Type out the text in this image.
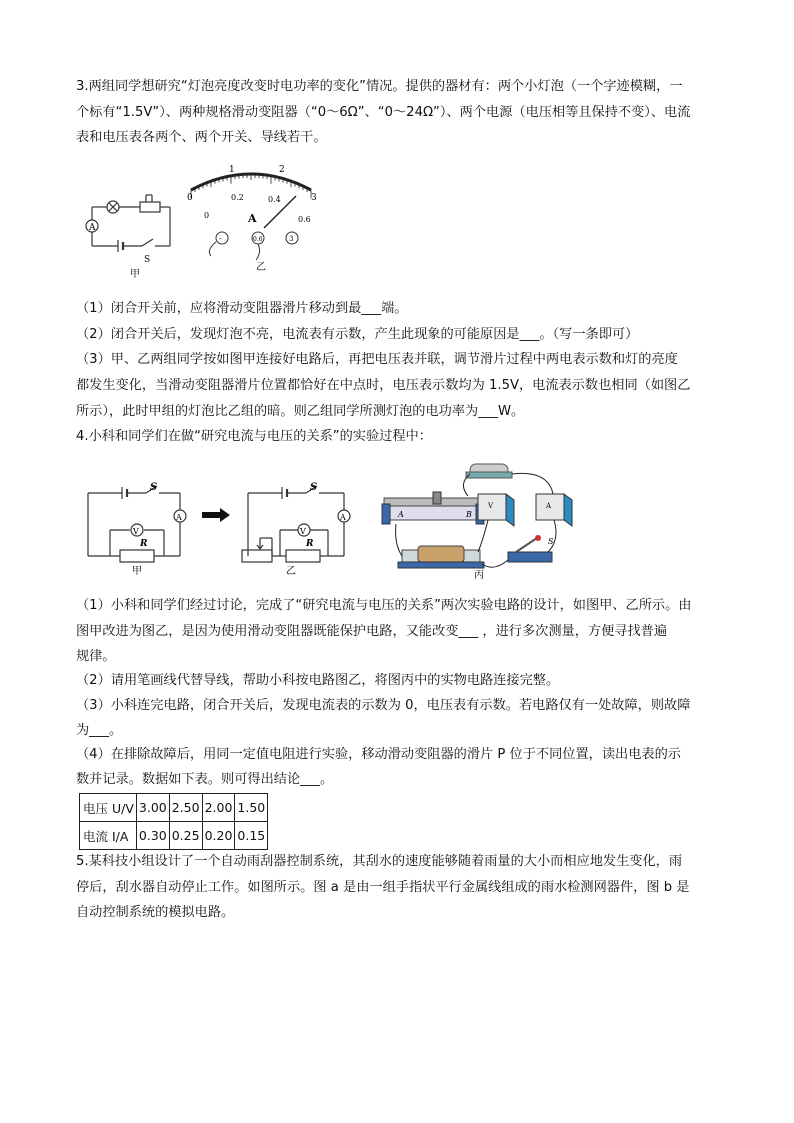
3.两组同学想研究“灯泡亮度改变时电功率的变化”情况。提供的器材有：两个小灯泡（一个字迹模糊，一
个标有“1.5V”）、两种规格滑动变阻器（“0～6Ω”、“0～24Ω”）、两个电源（电压相等且保持不变）、电流
表和电压表各两个、两个开关、导线若干。
A
S
甲
0
1	2
3
0
0.2	0.4
0.6
A
-	0.6	3
乙
（1）闭合开关前，应将滑动变阻器滑片移动到最___端。
（2）闭合开关后，发现灯泡不亮，电流表有示数，产生此现象的可能原因是___。（写一条即可）
（3）甲、乙两组同学按如图甲连接好电路后，再把电压表并联，调节滑片过程中两电表示数和灯的亮度
都发生变化，当滑动变阻器滑片位置都恰好在中点时，电压表示数均为 1.5V，电流表示数也相同（如图乙
所示），此时甲组的灯泡比乙组的暗。则乙组同学所测灯泡的电功率为___W。
4.小科和同学们在做“研究电流与电压的关系”的实验过程中：
S
A
V
R
甲
S
A
V
R
乙
A	B
V	A
S
丙
（1）小科和同学们经过讨论，完成了“研究电流与电压的关系”两次实验电路的设计，如图甲、乙所示。由
图甲改进为图乙，是因为使用滑动变阻器既能保护电路，又能改变___ ，进行多次测量，方便寻找普遍
规律。
（2）请用笔画线代替导线，帮助小科按电路图乙，将图丙中的实物电路连接完整。
（3）小科连完电路，闭合开关后，发现电流表的示数为 0，电压表有示数。若电路仅有一处故障，则故障
为___。
（4）在排除故障后，用同一定值电阻进行实验，移动滑动变阻器的滑片 P 位于不同位置，读出电表的示
数并记录。数据如下表。则可得出结论___。
电压 U/V	3.00	2.50	2.00	1.50
电流 I/A	0.30	0.25	0.20	0.15
5.某科技小组设计了一个自动雨刮器控制系统，其刮水的速度能够随着雨量的大小而相应地发生变化，雨
停后，刮水器自动停止工作。如图所示。图 a 是由一组手指状平行金属线组成的雨水检测网器件，图 b 是
自动控制系统的模拟电路。
